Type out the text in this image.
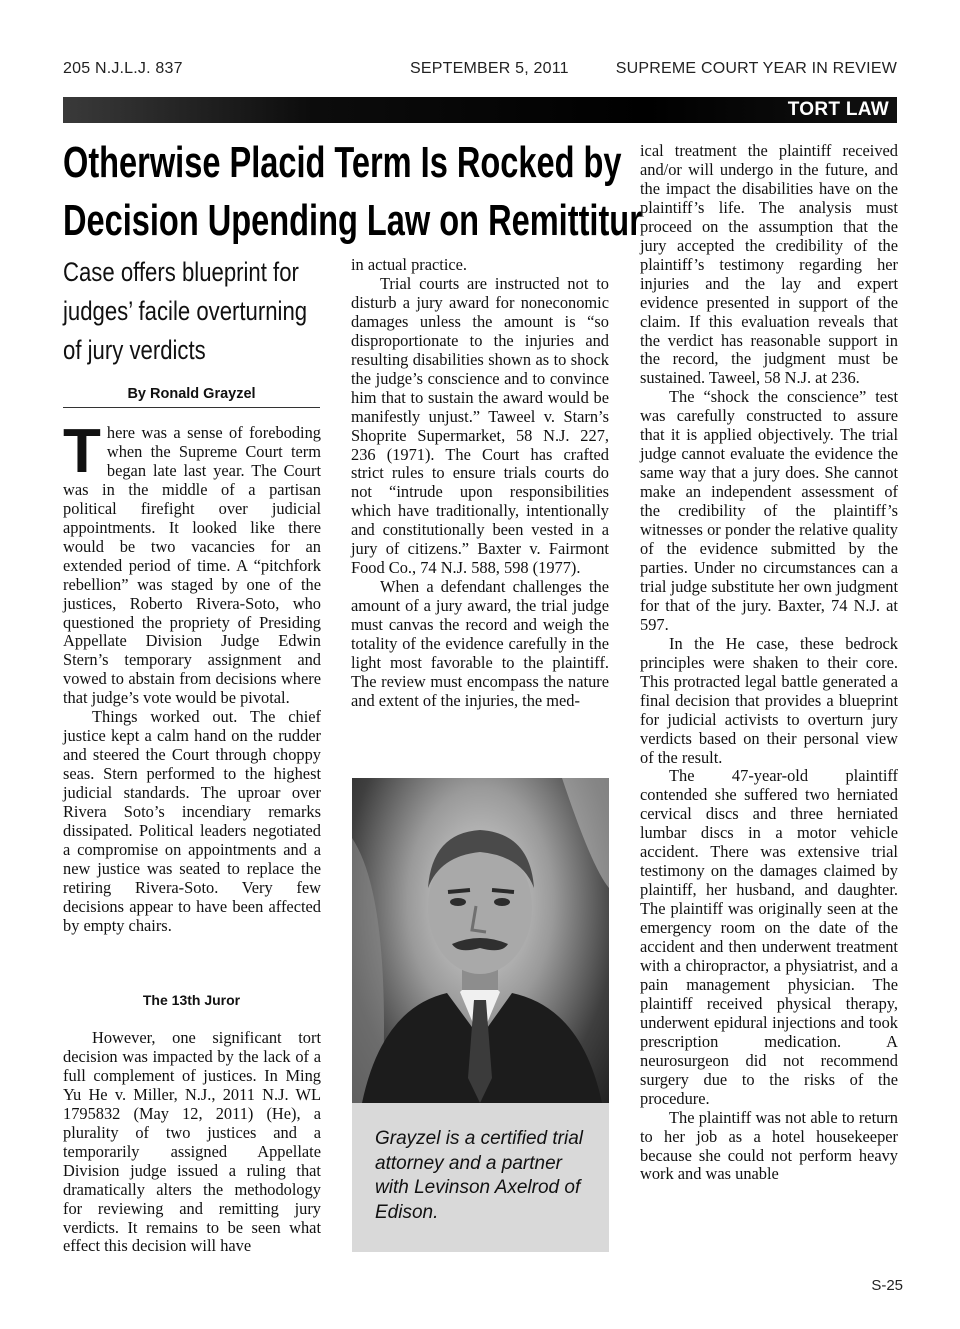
205 N.J.L.J. 837	SEPTEMBER 5, 2011	SUPREME COURT YEAR IN REVIEW
TORT LAW
Otherwise Placid Term Is Rocked by
Decision Upending Law on Remittitur

Case offers blueprint for judges’ facile overturning of jury verdicts

By Ronald Grayzel

There was a sense of foreboding when the Supreme Court term began late last year. The Court was in the middle of a partisan political firefight over judicial appointments. It looked like there would be two vacancies for an extended period of time. A “pitchfork rebellion” was staged by one of the justices, Roberto Rivera-Soto, who questioned the propriety of Presiding Appellate Division Judge Edwin Stern’s temporary assignment and vowed to abstain from decisions where that judge’s vote would be pivotal.

Things worked out. The chief justice kept a calm hand on the rudder and steered the Court through choppy seas. Stern performed to the highest judicial standards. The uproar over Rivera Soto’s incendiary remarks dissipated. Political leaders negotiated a compromise on appointments and a new justice was seated to replace the retiring Rivera-Soto. Very few decisions appear to have been affected by empty chairs.

The 13th Juror

However, one significant tort decision was impacted by the lack of a full complement of justices. In Ming Yu He v. Miller, N.J., 2011 N.J. WL 1795832 (May 12, 2011) (He), a plurality of two justices and a temporarily assigned Appellate Division judge issued a ruling that dramatically alters the methodology for reviewing and remitting jury verdicts. It remains to be seen what effect this decision will have

in actual practice.

Trial courts are instructed not to disturb a jury award for noneconomic damages unless the amount is “so disproportionate to the injuries and resulting disabilities shown as to shock the judge’s conscience and to convince him that to sustain the award would be manifestly unjust.” Taweel v. Starn’s Shoprite Supermarket, 58 N.J. 227, 236 (1971). The Court has crafted strict rules to ensure trials courts do not “intrude upon responsibilities which have traditionally, intentionally and constitutionally been vested in a jury of citizens.” Baxter v. Fairmont Food Co., 74 N.J. 588, 598 (1977).

When a defendant challenges the amount of a jury award, the trial judge must canvas the record and weigh the totality of the evidence carefully in the light most favorable to the plaintiff. The review must encompass the nature and extent of the injuries, the med-

Grayzel is a certified trial attorney and a partner with Levinson Axelrod of Edison.

ical treatment the plaintiff received and/or will undergo in the future, and the impact the disabilities have on the plaintiff’s life. The analysis must proceed on the assumption that the jury accepted the credibility of the plaintiff’s testimony regarding her injuries and the lay and expert evidence presented in support of the claim. If this evaluation reveals that the verdict has reasonable support in the record, the judgment must be sustained. Taweel, 58 N.J. at 236.

The “shock the conscience” test was carefully constructed to assure that it is applied objectively. The trial judge cannot evaluate the evidence the same way that a jury does. She cannot make an independent assessment of the credibility of the plaintiff’s witnesses or ponder the relative quality of the evidence submitted by the parties. Under no circumstances can a trial judge substitute her own judgment for that of the jury. Baxter, 74 N.J. at 597.

In the He case, these bedrock principles were shaken to their core. This protracted legal battle generated a final decision that provides a blueprint for judicial activists to overturn jury verdicts based on their personal view of the result.

The 47-year-old plaintiff contended she suffered two herniated cervical discs and three herniated lumbar discs in a motor vehicle accident. There was extensive trial testimony on the damages claimed by plaintiff, her husband, and daughter. The plaintiff was originally seen at the emergency room on the date of the accident and then underwent treatment with a chiropractor, a physiatrist, and a pain management physician. The plaintiff received physical therapy, underwent epidural injections and took prescription medication. A neurosurgeon did not recommend surgery due to the risks of the procedure.

The plaintiff was not able to return to her job as a hotel housekeeper because she could not perform heavy work and was unable

S-25
